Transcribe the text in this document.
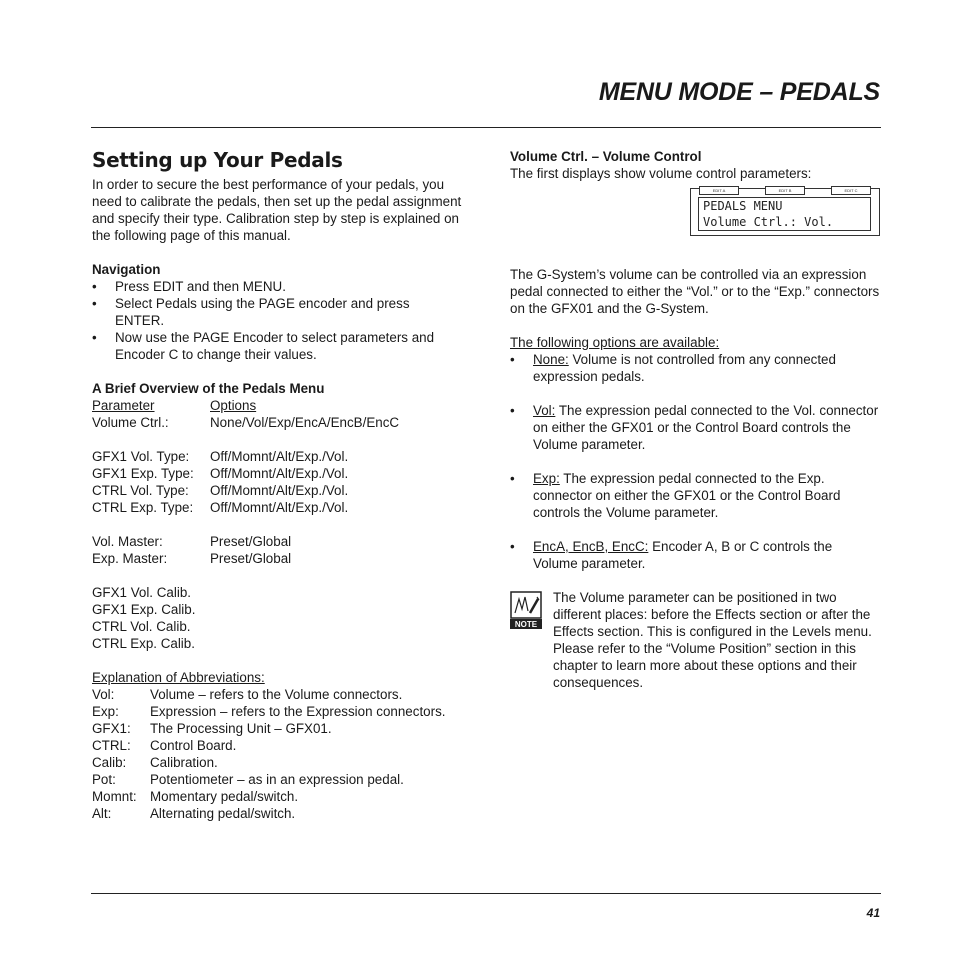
MENU MODE – PEDALS
Setting up Your Pedals

In order to secure the best performance of your pedals, you need to calibrate the pedals, then set up the pedal assignment and specify their type. Calibration step by step is explained on the following page of this manual.

Navigation

• Press EDIT and then MENU.
• Select Pedals using the PAGE encoder and press ENTER.
• Now use the PAGE Encoder to select parameters and Encoder C to change their values.

A Brief Overview of the Pedals Menu

Parameter	Options
Volume Ctrl.:	None/Vol/Exp/EncA/EncB/EncC
GFX1 Vol. Type:	Off/Momnt/Alt/Exp./Vol.
GFX1 Exp. Type:	Off/Momnt/Alt/Exp./Vol.
CTRL Vol. Type:	Off/Momnt/Alt/Exp./Vol.
CTRL Exp. Type:	Off/Momnt/Alt/Exp./Vol.
Vol. Master:	Preset/Global
Exp. Master:	Preset/Global

GFX1 Vol. Calib.

GFX1 Exp. Calib.

CTRL Vol. Calib.

CTRL Exp. Calib.

Explanation of Abbreviations:

Vol:	Volume – refers to the Volume connectors.
Exp:	Expression – refers to the Expression connectors.
GFX1:	The Processing Unit – GFX01.
CTRL:	Control Board.
Calib:	Calibration.
Pot:	Potentiometer – as in an expression pedal.
Momnt: Momentary pedal/switch.
Alt:	Alternating pedal/switch.

Volume Ctrl. – Volume Control

The first displays show volume control parameters:

EDIT A	EDIT B	EDIT C
PEDALS MENU
Volume Ctrl.: Vol.

The G-System’s volume can be controlled via an expression pedal connected to either the “Vol.” or to the “Exp.” connectors on the GFX01 and the G-System.

The following options are available:

• None: Volume is not controlled from any connected expression pedals.
• Vol: The expression pedal connected to the Vol. connector on either the GFX01 or the Control Board controls the Volume parameter.
• Exp: The expression pedal connected to the Exp. connector on either the GFX01 or the Control Board controls the Volume parameter.
• EncA, EncB, EncC: Encoder A, B or C controls the Volume parameter.
NOTE

The Volume parameter can be positioned in two different places: before the Effects section or after the Effects section. This is configured in the Levels menu. Please refer to the “Volume Position” section in this chapter to learn more about these options and their consequences.

41
